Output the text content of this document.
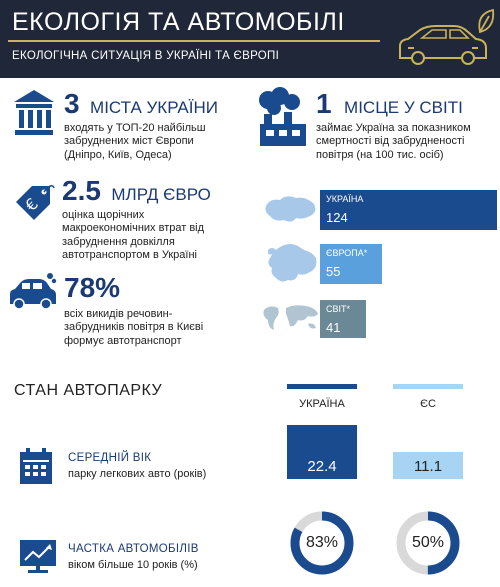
ЕКОЛОГІЯ ТА АВТОМОБІЛІ
ЕКОЛОГІЧНА СИТУАЦІЯ В УКРАЇНІ ТА ЄВРОПІ
3 МІСТА УКРАЇНИ
входять у ТОП-20 найбільш
забруднених міст Європи
(Дніпро, Київ, Одеса)
€ 2.5 МЛРД ЄВРО
оцінка щорічних
макроекономічних втрат від
забруднення довкілля
автотранспортом в Україні
78%
всіх викидів речовин-
забрудників повітря в Києві
формує автотранспорт
1 МІСЦЕ У СВІТІ
займає Україна за показником
смертності від забрудненості
повітря (на 100 тис. осіб)
УКРАЇНА
124
ЄВРОПА*
55
СВІТ*
41
СТАН АВТОПАРКУ
УКРАЇНА	ЄС
СЕРЕДНІЙ ВІК
парку легкових авто (років)	22.4	11.1
ЧАСТКА АВТОМОБІЛІВ
віком більше 10 років (%)
83%	50%
